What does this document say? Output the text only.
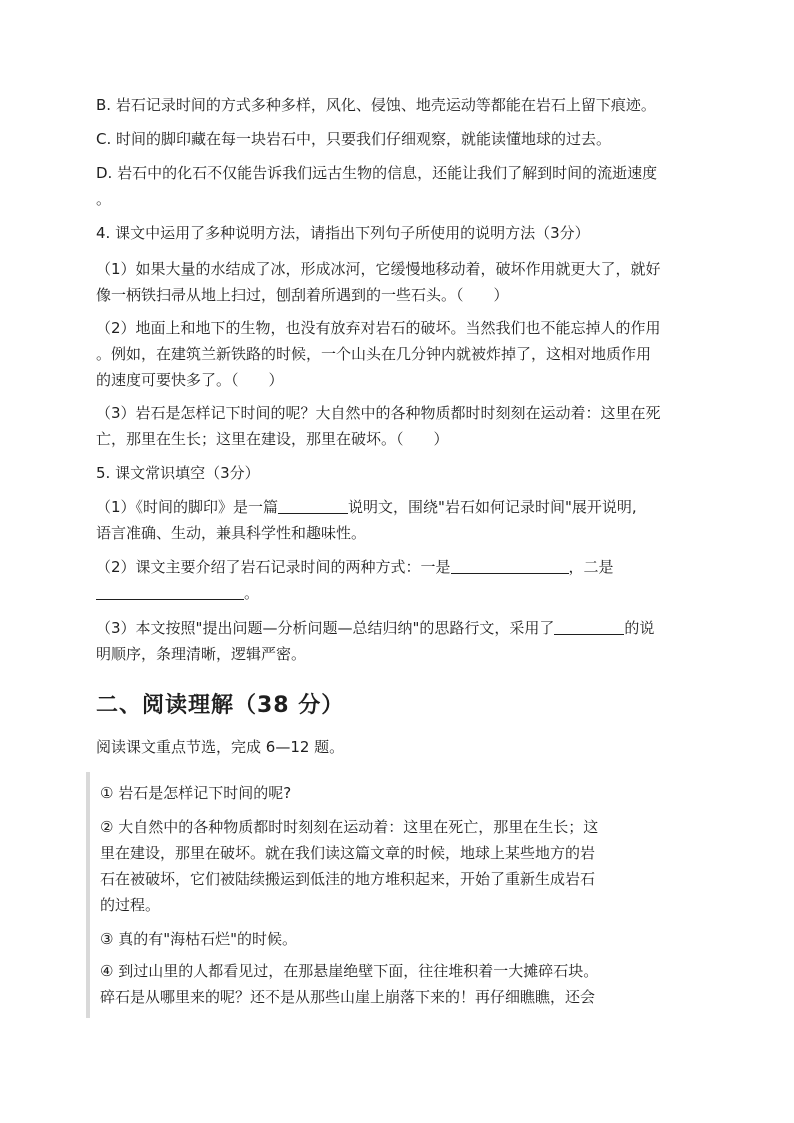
B. 岩石记录时间的方式多种多样，风化、侵蚀、地壳运动等都能在岩石上留下痕迹。
C. 时间的脚印藏在每一块岩石中，只要我们仔细观察，就能读懂地球的过去。
D. 岩石中的化石不仅能告诉我们远古生物的信息，还能让我们了解到时间的流逝速度
。
4. 课文中运用了多种说明方法，请指出下列句子所使用的说明方法（3分）
（1）如果大量的水结成了冰，形成冰河，它缓慢地移动着，破坏作用就更大了，就好
像一柄铁扫帚从地上扫过，刨刮着所遇到的一些石头。（　　）
（2）地面上和地下的生物，也没有放弃对岩石的破坏。当然我们也不能忘掉人的作用
。例如，在建筑兰新铁路的时候，一个山头在几分钟内就被炸掉了，这相对地质作用
的速度可要快多了。（　　）
（3）岩石是怎样记下时间的呢？大自然中的各种物质都时时刻刻在运动着：这里在死
亡，那里在生长；这里在建设，那里在破坏。（　　）
5. 课文常识填空（3分）
（1）《时间的脚印》是一篇	说明文，围绕"岩石如何记录时间"展开说明,
语言准确、生动，兼具科学性和趣味性。
（2）课文主要介绍了岩石记录时间的两种方式：一是	，二是
。
（3）本文按照"提出问题—分析问题—总结归纳"的思路行文，采用了	的说
明顺序，条理清晰，逻辑严密。
二、阅读理解（38 分）
阅读课文重点节选，完成 6—12 题。
① 岩石是怎样记下时间的呢?
② 大自然中的各种物质都时时刻刻在运动着：这里在死亡，那里在生长；这
里在建设，那里在破坏。就在我们读这篇文章的时候，地球上某些地方的岩
石在被破坏，它们被陆续搬运到低洼的地方堆积起来，开始了重新生成岩石
的过程。
③ 真的有"海枯石烂"的时候。
④ 到过山里的人都看见过，在那悬崖绝壁下面，往往堆积着一大摊碎石块。
碎石是从哪里来的呢？还不是从那些山崖上崩落下来的！再仔细瞧瞧，还会
